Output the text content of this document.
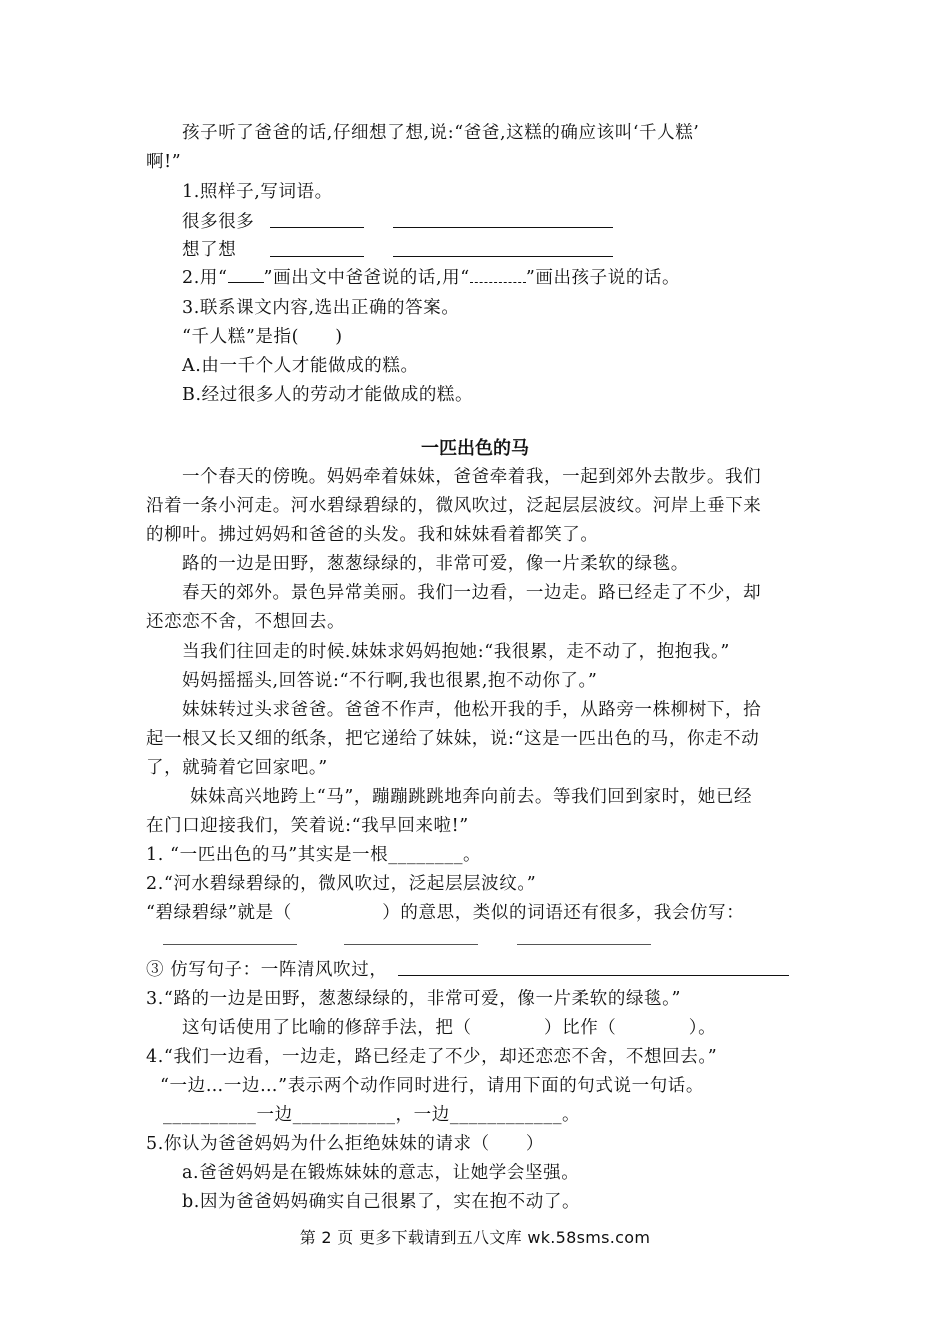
孩子听了爸爸的话,仔细想了想,说:“爸爸,这糕的确应该叫‘千人糕’
啊!”
1.照样子,写词语。
很多很多
想了想
2.用“ ”画出文中爸爸说的话,用“	”画出孩子说的话。
3.联系课文内容,选出正确的答案。
“千人糕”是指(　　)
A.由一千个人才能做成的糕。
B.经过很多人的劳动才能做成的糕。
一匹出色的马
一个春天的傍晚。妈妈牵着妹妹，爸爸牵着我，一起到郊外去散步。我们
沿着一条小河走。河水碧绿碧绿的，微风吹过，泛起层层波纹。河岸上垂下来
的柳叶。拂过妈妈和爸爸的头发。我和妹妹看着都笑了。
路的一边是田野，葱葱绿绿的，非常可爱，像一片柔软的绿毯。
春天的郊外。景色异常美丽。我们一边看，一边走。路已经走了不少，却
还恋恋不舍，不想回去。
当我们往回走的时候.妹妹求妈妈抱她:“我很累，走不动了，抱抱我。”
妈妈摇摇头,回答说:“不行啊,我也很累,抱不动你了。”
妹妹转过头求爸爸。爸爸不作声，他松开我的手，从路旁一株柳树下，拾
起一根又长又细的纸条，把它递给了妹妹，说:“这是一匹出色的马，你走不动
了，就骑着它回家吧。”
妹妹高兴地跨上“马”，蹦蹦跳跳地奔向前去。等我们回到家时，她已经
在门口迎接我们，笑着说:“我早回来啦!”
1. “一匹出色的马”其实是一根________。
2.“河水碧绿碧绿的，微风吹过，泛起层层波纹。”
“碧绿碧绿”就是（　　　　　）的意思，类似的词语还有很多，我会仿写：
③ 仿写句子：一阵清风吹过，
3.“路的一边是田野，葱葱绿绿的，非常可爱，像一片柔软的绿毯。”
这句话使用了比喻的修辞手法，把（　　　　）比作（　　　　）。
4.“我们一边看，一边走，路已经走了不少，却还恋恋不舍，不想回去。”
“一边…一边…”表示两个动作同时进行，请用下面的句式说一句话。
__________一边___________，一边____________。
5.你认为爸爸妈妈为什么拒绝妹妹的请求（　　）
a.爸爸妈妈是在锻炼妹妹的意志，让她学会坚强。
b.因为爸爸妈妈确实自己很累了，实在抱不动了。
第 2 页 更多下载请到五八文库 wk.58sms.com
